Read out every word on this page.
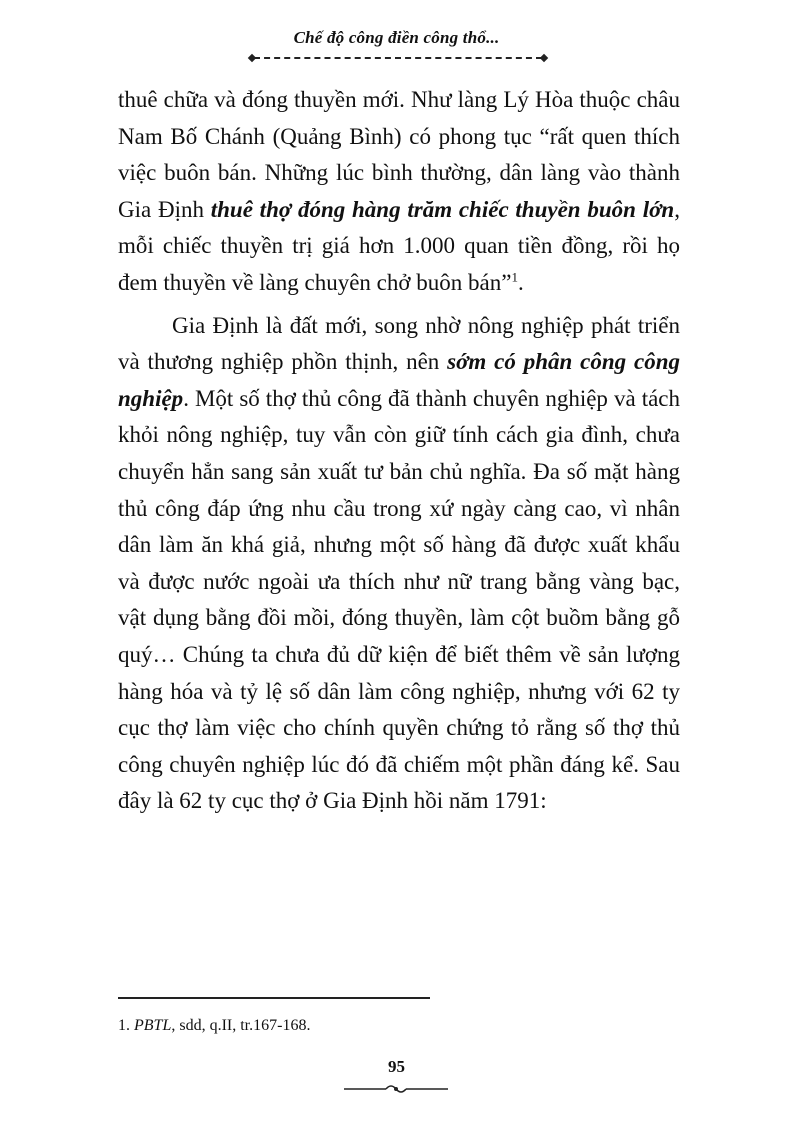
Chế độ công điền công thổ...

thuê chữa và đóng thuyền mới. Như làng Lý Hòa thuộc châu Nam Bố Chánh (Quảng Bình) có phong tục “rất quen thích việc buôn bán. Những lúc bình thường, dân làng vào thành Gia Định thuê thợ đóng hàng trăm chiếc thuyền buôn lớn, mỗi chiếc thuyền trị giá hơn 1.000 quan tiền đồng, rồi họ đem thuyền về làng chuyên chở buôn bán”$^1$.

Gia Định là đất mới, song nhờ nông nghiệp phát triển và thương nghiệp phồn thịnh, nên sớm có phân công công nghiệp. Một số thợ thủ công đã thành chuyên nghiệp và tách khỏi nông nghiệp, tuy vẫn còn giữ tính cách gia đình, chưa chuyển hẳn sang sản xuất tư bản chủ nghĩa. Đa số mặt hàng thủ công đáp ứng nhu cầu trong xứ ngày càng cao, vì nhân dân làm ăn khá giả, nhưng một số hàng đã được xuất khẩu và được nước ngoài ưa thích như nữ trang bằng vàng bạc, vật dụng bằng đồi mồi, đóng thuyền, làm cột buồm bằng gỗ quý… Chúng ta chưa đủ dữ kiện để biết thêm về sản lượng hàng hóa và tỷ lệ số dân làm công nghiệp, nhưng với 62 ty cục thợ làm việc cho chính quyền chứng tỏ rằng số thợ thủ công chuyên nghiệp lúc đó đã chiếm một phần đáng kể. Sau đây là 62 ty cục thợ ở Gia Định hồi năm 1791:

1. PBTL, sdd, q.II, tr.167-168.
95
